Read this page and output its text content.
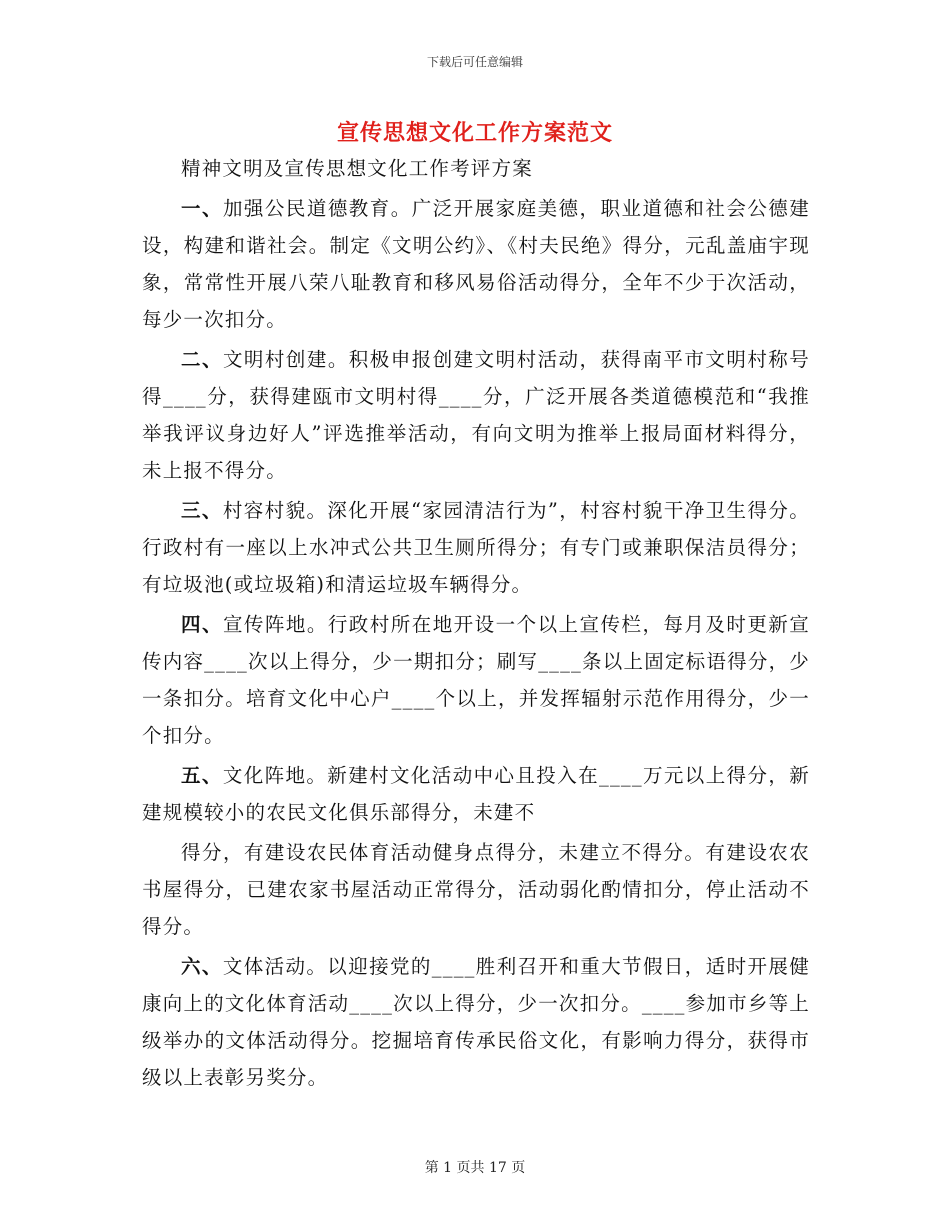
下载后可任意编辑
宣传思想文化工作方案范文

精神文明及宣传思想文化工作考评方案

一、加强公民道德教育。广泛开展家庭美德，职业道德和社会公德建设，构建和谐社会。制定《文明公约》、《村夫民绝》得分，元乱盖庙宇现象，常常性开展八荣八耻教育和移风易俗活动得分，全年不少于次活动，每少一次扣分。

二、文明村创建。积极申报创建文明村活动，获得南平市文明村称号得____分，获得建瓯市文明村得____分，广泛开展各类道德模范和“我推举我评议身边好人”评选推举活动，有向文明为推举上报局面材料得分，未上报不得分。

三、村容村貌。深化开展“家园清洁行为”，村容村貌干净卫生得分。行政村有一座以上水冲式公共卫生厕所得分；有专门或兼职保洁员得分；有垃圾池(或垃圾箱)和清运垃圾车辆得分。

四、宣传阵地。行政村所在地开设一个以上宣传栏，每月及时更新宣传内容____次以上得分，少一期扣分；刷写____条以上固定标语得分，少一条扣分。培育文化中心户____个以上，并发挥辐射示范作用得分，少一个扣分。

五、文化阵地。新建村文化活动中心且投入在____万元以上得分，新建规模较小的农民文化俱乐部得分，未建不

得分，有建设农民体育活动健身点得分，未建立不得分。有建设农农书屋得分，已建农家书屋活动正常得分，活动弱化酌情扣分，停止活动不得分。

六、文体活动。以迎接党的____胜利召开和重大节假日，适时开展健康向上的文化体育活动____次以上得分，少一次扣分。____参加市乡等上级举办的文体活动得分。挖掘培育传承民俗文化，有影响力得分，获得市级以上表彰另奖分。

第 1 页共 17 页
